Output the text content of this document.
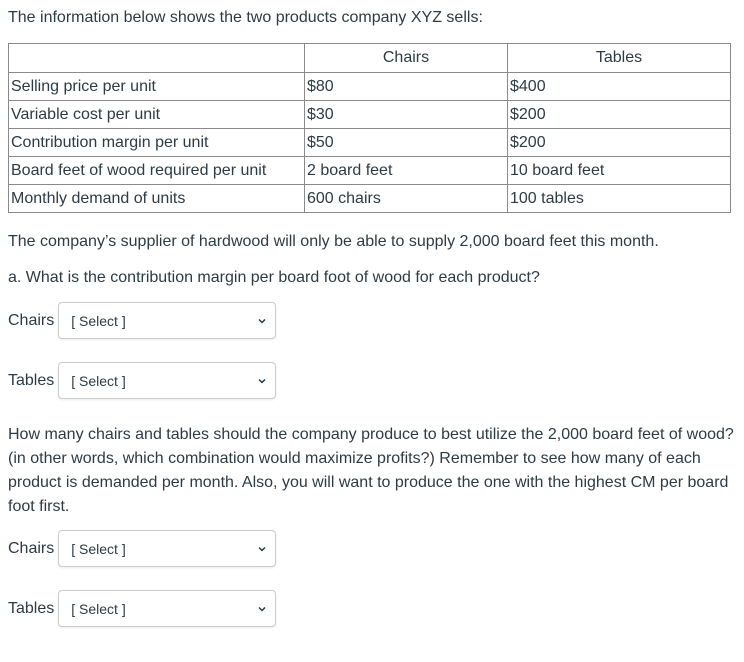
The information below shows the two products company XYZ sells:
	Chairs	Tables
Selling price per unit	$80	$400
Variable cost per unit	$30	$200
Contribution margin per unit	$50	$200
Board feet of wood required per unit	2 board feet	10 board feet
Monthly demand of units	600 chairs	100 tables
The company’s supplier of hardwood will only be able to supply 2,000 board feet this month.
a. What is the contribution margin per board foot of wood for each product?
Chairs [ Select ]
Tables [ Select ]
How many chairs and tables should the company produce to best utilize the 2,000 board feet of wood?
(in other words, which combination would maximize profits?) Remember to see how many of each
product is demanded per month. Also, you will want to produce the one with the highest CM per board
foot first.
Chairs [ Select ]
Tables [ Select ]
